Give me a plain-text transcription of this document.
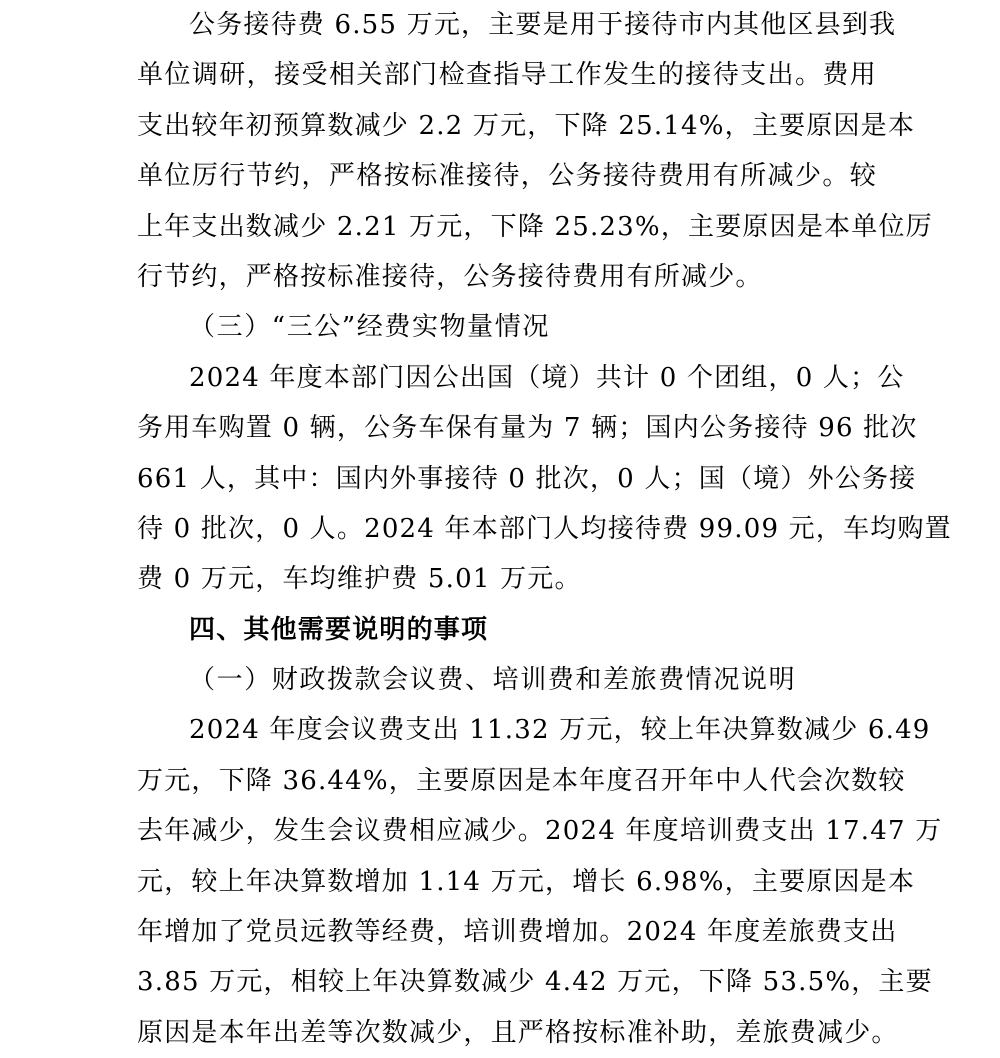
公务接待费 6.55 万元，主要是用于接待市内其他区县到我
单位调研，接受相关部门检查指导工作发生的接待支出。费用
支出较年初预算数减少 2.2 万元，下降 25.14%，主要原因是本
单位厉行节约，严格按标准接待，公务接待费用有所减少。较
上年支出数减少 2.21 万元，下降 25.23%，主要原因是本单位厉
行节约，严格按标准接待，公务接待费用有所减少。
（三）“三公”经费实物量情况
2024 年度本部门因公出国（境）共计 0 个团组，0 人；公
务用车购置 0 辆，公务车保有量为 7 辆；国内公务接待 96 批次
661 人，其中：国内外事接待 0 批次，0 人；国（境）外公务接
待 0 批次，0 人。2024 年本部门人均接待费 99.09 元，车均购置
费 0 万元，车均维护费 5.01 万元。
四、其他需要说明的事项
（一）财政拨款会议费、培训费和差旅费情况说明
2024 年度会议费支出 11.32 万元，较上年决算数减少 6.49
万元，下降 36.44%，主要原因是本年度召开年中人代会次数较
去年减少，发生会议费相应减少。2024 年度培训费支出 17.47 万
元，较上年决算数增加 1.14 万元，增长 6.98%，主要原因是本
年增加了党员远教等经费，培训费增加。2024 年度差旅费支出
3.85 万元，相较上年决算数减少 4.42 万元，下降 53.5%，主要
原因是本年出差等次数减少，且严格按标准补助，差旅费减少。
